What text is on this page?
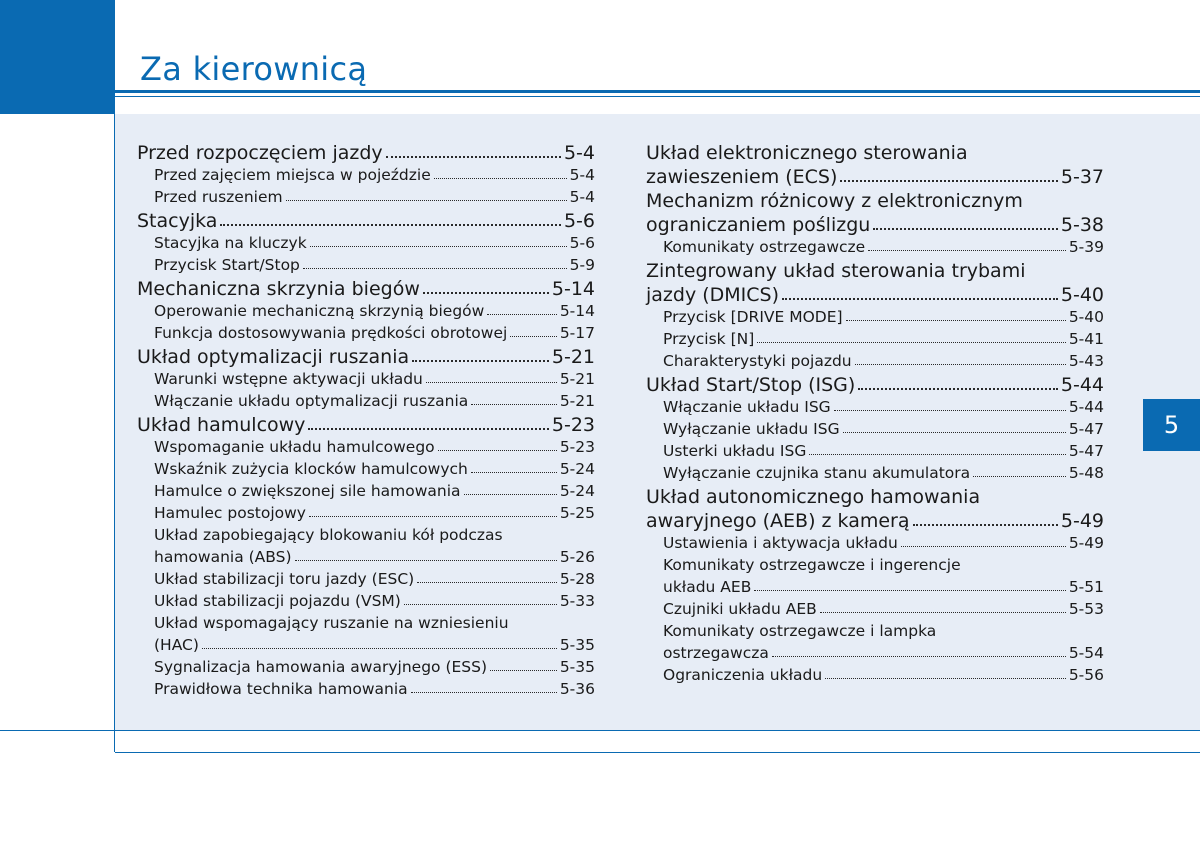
Za kierownicą
5
Przed rozpoczęciem jazdy	5-4
Przed zajęciem miejsca w pojeździe	5-4
Przed ruszeniem	5-4
Stacyjka	5-6
Stacyjka na kluczyk	5-6
Przycisk Start/Stop	5-9
Mechaniczna skrzynia biegów	5-14
Operowanie mechaniczną skrzynią biegów	5-14
Funkcja dostosowywania prędkości obrotowej	5-17
Układ optymalizacji ruszania	5-21
Warunki wstępne aktywacji układu	5-21
Włączanie układu optymalizacji ruszania	5-21
Układ hamulcowy	5-23
Wspomaganie układu hamulcowego	5-23
Wskaźnik zużycia klocków hamulcowych	5-24
Hamulce o zwiększonej sile hamowania	5-24
Hamulec postojowy	5-25
Układ zapobiegający blokowaniu kół podczas
hamowania (ABS)	5-26
Układ stabilizacji toru jazdy (ESC)	5-28
Układ stabilizacji pojazdu (VSM)	5-33
Układ wspomagający ruszanie na wzniesieniu
(HAC)	5-35
Sygnalizacja hamowania awaryjnego (ESS)	5-35
Prawidłowa technika hamowania	5-36
Układ elektronicznego sterowania
zawieszeniem (ECS)	5-37
Mechanizm różnicowy z elektronicznym
ograniczaniem poślizgu	5-38
Komunikaty ostrzegawcze	5-39
Zintegrowany układ sterowania trybami
jazdy (DMICS)	5-40
Przycisk [DRIVE MODE]	5-40
Przycisk [N]	5-41
Charakterystyki pojazdu	5-43
Układ Start/Stop (ISG)	5-44
Włączanie układu ISG	5-44
Wyłączanie układu ISG	5-47
Usterki układu ISG	5-47
Wyłączanie czujnika stanu akumulatora	5-48
Układ autonomicznego hamowania
awaryjnego (AEB) z kamerą	5-49
Ustawienia i aktywacja układu	5-49
Komunikaty ostrzegawcze i ingerencje
układu AEB	5-51
Czujniki układu AEB	5-53
Komunikaty ostrzegawcze i lampka
ostrzegawcza	5-54
Ograniczenia układu	5-56
